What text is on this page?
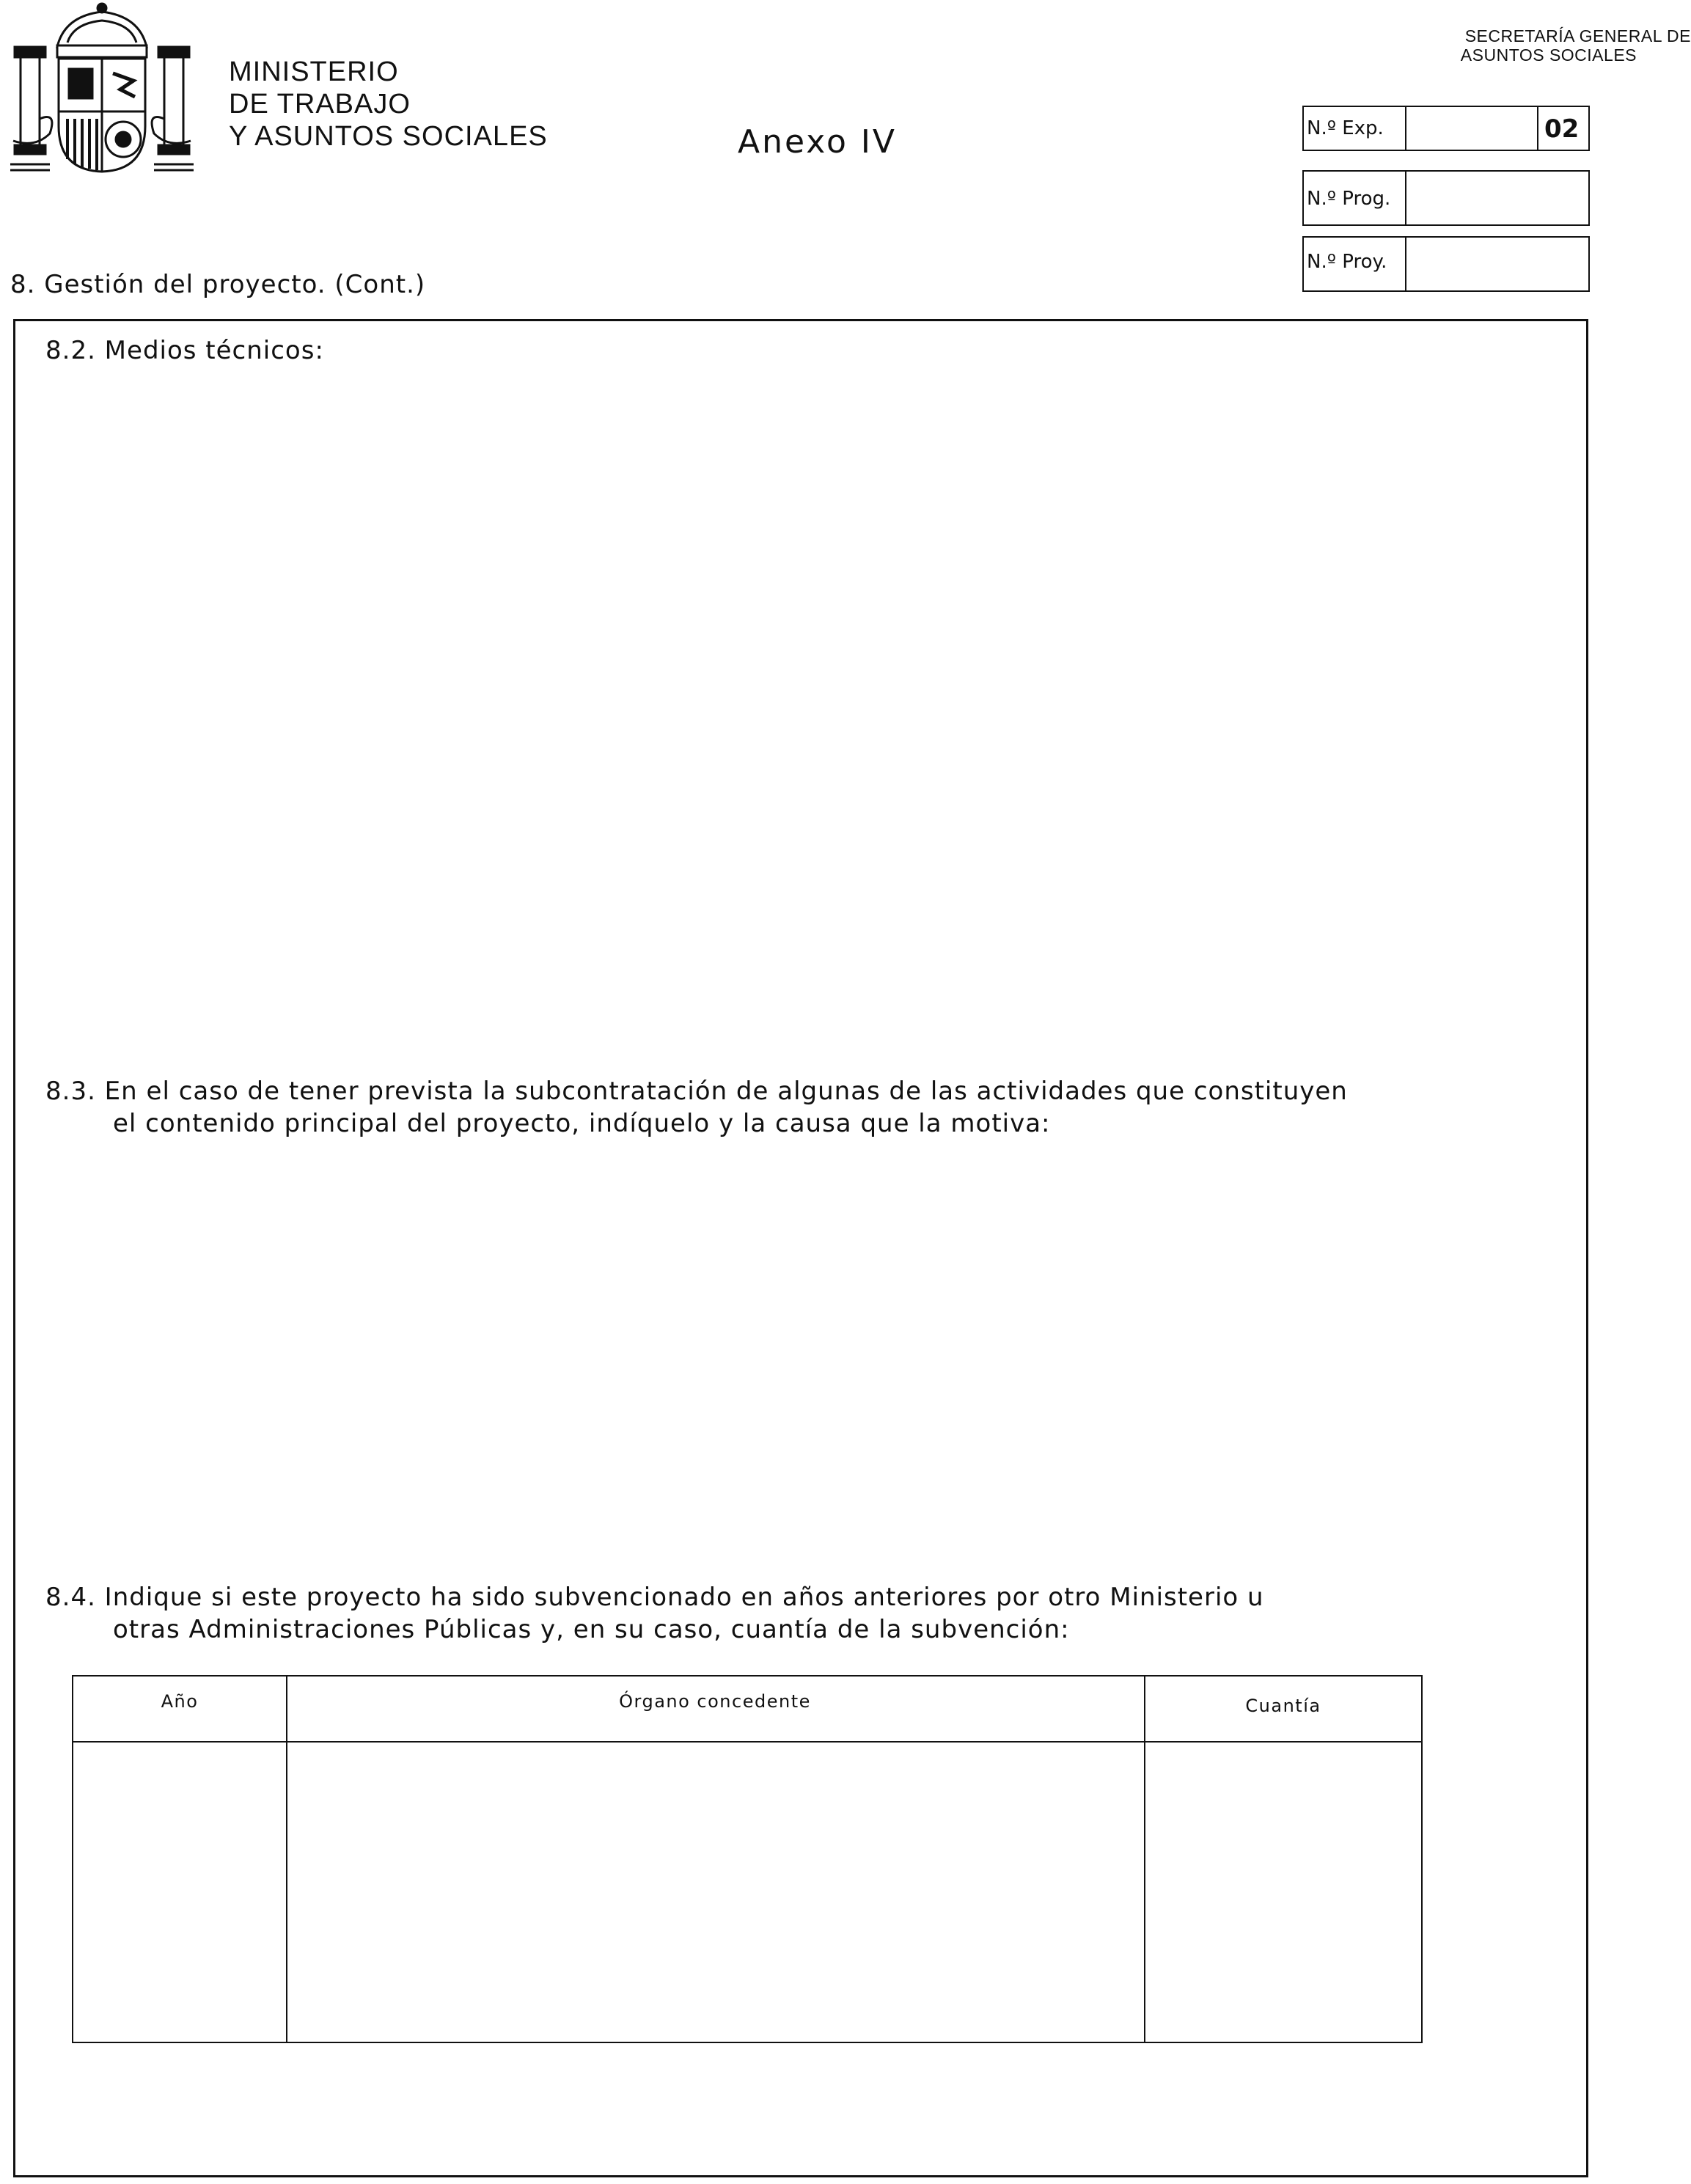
MINISTERIO
DE TRABAJO
Y ASUNTOS SOCIALES	Anexo IV
SECRETARÍA GENERAL DE
ASUNTOS SOCIALES
N.º Exp.	02
N.º Prog.
N.º Proy.
8. Gestión del proyecto. (Cont.)
8.2. Medios técnicos:
8.3. En el caso de tener prevista la subcontratación de algunas de las actividades que constituyen
el contenido principal del proyecto, indíquelo y la causa que la motiva:
8.4. Indique si este proyecto ha sido subvencionado en años anteriores por otro Ministerio u
otras Administraciones Públicas y, en su caso, cuantía de la subvención:
Año	Órgano concedente	Cuantía
